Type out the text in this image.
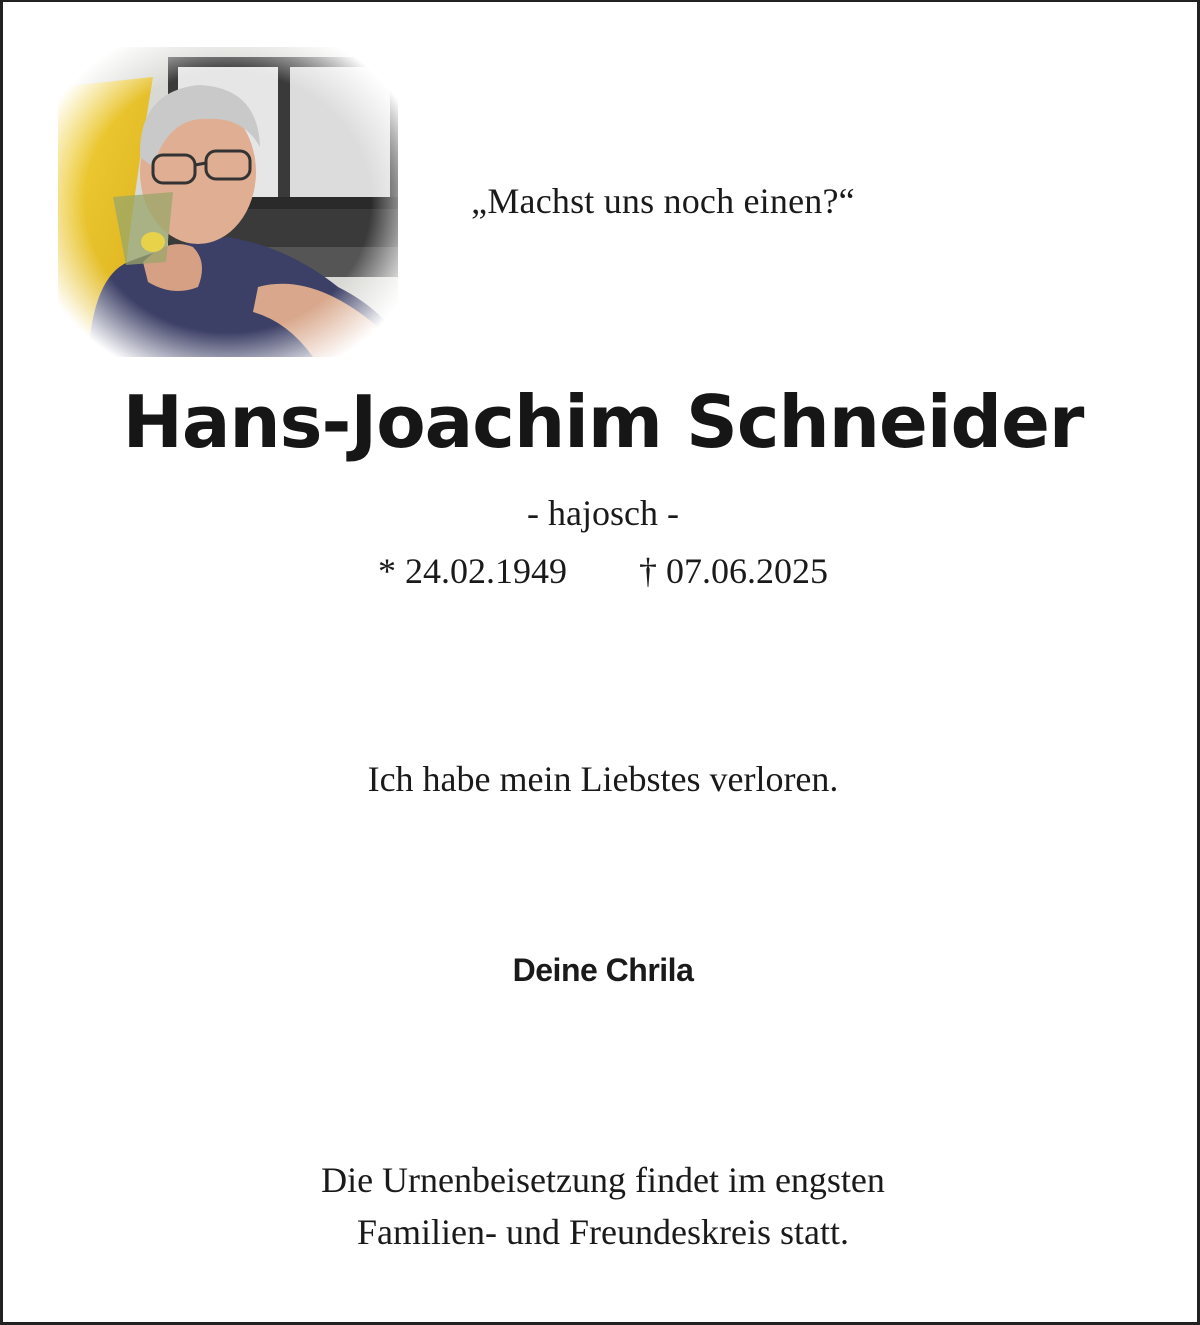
„Machst uns noch einen?“
Hans-Joachim Schneider
- hajosch -
* 24.02.1949 † 07.06.2025
Ich habe mein Liebstes verloren.
Deine Chrila
Die Urnenbeisetzung findet im engsten
Familien- und Freundeskreis statt.
